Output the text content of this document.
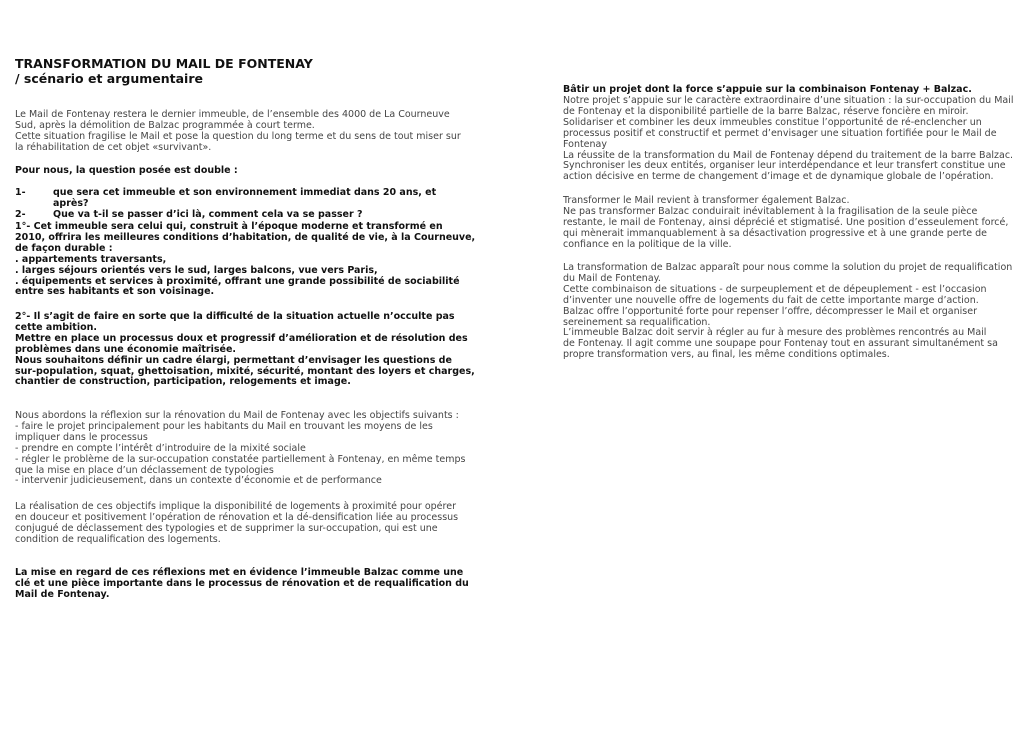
TRANSFORMATION DU MAIL DE FONTENAY
/ scénario et argumentaire
Le Mail de Fontenay restera le dernier immeuble, de l’ensemble des 4000 de La Courneuve
Sud, après la démolition de Balzac programmée à court terme.
Cette situation fragilise le Mail et pose la question du long terme et du sens de tout miser sur
la réhabilitation de cet objet «survivant».
Pour nous, la question posée est double :
1-	que sera cet immeuble et son environnement immediat dans 20 ans, et après?
2-	Que va t-il se passer d’ici là, comment cela va se passer ?
1°- Cet immeuble sera celui qui, construit à l’époque moderne et transformé en
2010, offrira les meilleures conditions d’habitation, de qualité de vie, à la Courneuve,
de façon durable :
. appartements traversants,
. larges séjours orientés vers le sud, larges balcons, vue vers Paris,
. équipements et services à proximité, offrant une grande possibilité de sociabilité
entre ses habitants et son voisinage.
2°- Il s’agit de faire en sorte que la difficulté de la situation actuelle n’occulte pas
cette ambition.
Mettre en place un processus doux et progressif d’amélioration et de résolution des
problèmes dans une économie maîtrisée.
Nous souhaitons définir un cadre élargi, permettant d’envisager les questions de
sur-population, squat, ghettoisation, mixité, sécurité, montant des loyers et charges,
chantier de construction, participation, relogements et image.
Nous abordons la réflexion sur la rénovation du Mail de Fontenay avec les objectifs suivants :
- faire le projet principalement pour les habitants du Mail en trouvant les moyens de les
impliquer dans le processus
- prendre en compte l’intérêt d’introduire de la mixité sociale
- régler le problème de la sur-occupation constatée partiellement à Fontenay, en même temps
que la mise en place d’un déclassement de typologies
- intervenir judicieusement, dans un contexte d’économie et de performance
La réalisation de ces objectifs implique la disponibilité de logements à proximité pour opérer
en douceur et positivement l’opération de rénovation et la dé-densification liée au processus
conjugué de déclassement des typologies et de supprimer la sur-occupation, qui est une
condition de requalification des logements.
La mise en regard de ces réflexions met en évidence l’immeuble Balzac comme une
clé et une pièce importante dans le processus de rénovation et de requalification du
Mail de Fontenay.
Bâtir un projet dont la force s’appuie sur la combinaison Fontenay + Balzac.
Notre projet s’appuie sur le caractère extraordinaire d’une situation : la sur-occupation du Mail
de Fontenay et la disponibilité partielle de la barre Balzac, réserve foncière en miroir.
Solidariser et combiner les deux immeubles constitue l’opportunité de ré-enclencher un
processus positif et constructif et permet d’envisager une situation fortifiée pour le Mail de
Fontenay
La réussite de la transformation du Mail de Fontenay dépend du traitement de la barre Balzac.
Synchroniser les deux entités, organiser leur interdépendance et leur transfert constitue une
action décisive en terme de changement d’image et de dynamique globale de l’opération.
Transformer le Mail revient à transformer également Balzac.
Ne pas transformer Balzac conduirait inévitablement à la fragilisation de la seule pièce
restante, le mail de Fontenay, ainsi déprécié et stigmatisé. Une position d’esseulement forcé,
qui mènerait immanquablement à sa désactivation progressive et à une grande perte de
confiance en la politique de la ville.
La transformation de Balzac apparaît pour nous comme la solution du projet de requalification
du Mail de Fontenay.
Cette combinaison de situations - de surpeuplement et de dépeuplement - est l’occasion
d’inventer une nouvelle offre de logements du fait de cette importante marge d’action.
Balzac offre l’opportunité forte pour repenser l’offre, décompresser le Mail et organiser
sereinement sa requalification.
L’immeuble Balzac doit servir à régler au fur à mesure des problèmes rencontrés au Mail
de Fontenay. Il agit comme une soupape pour Fontenay tout en assurant simultanément sa
propre transformation vers, au final, les même conditions optimales.
